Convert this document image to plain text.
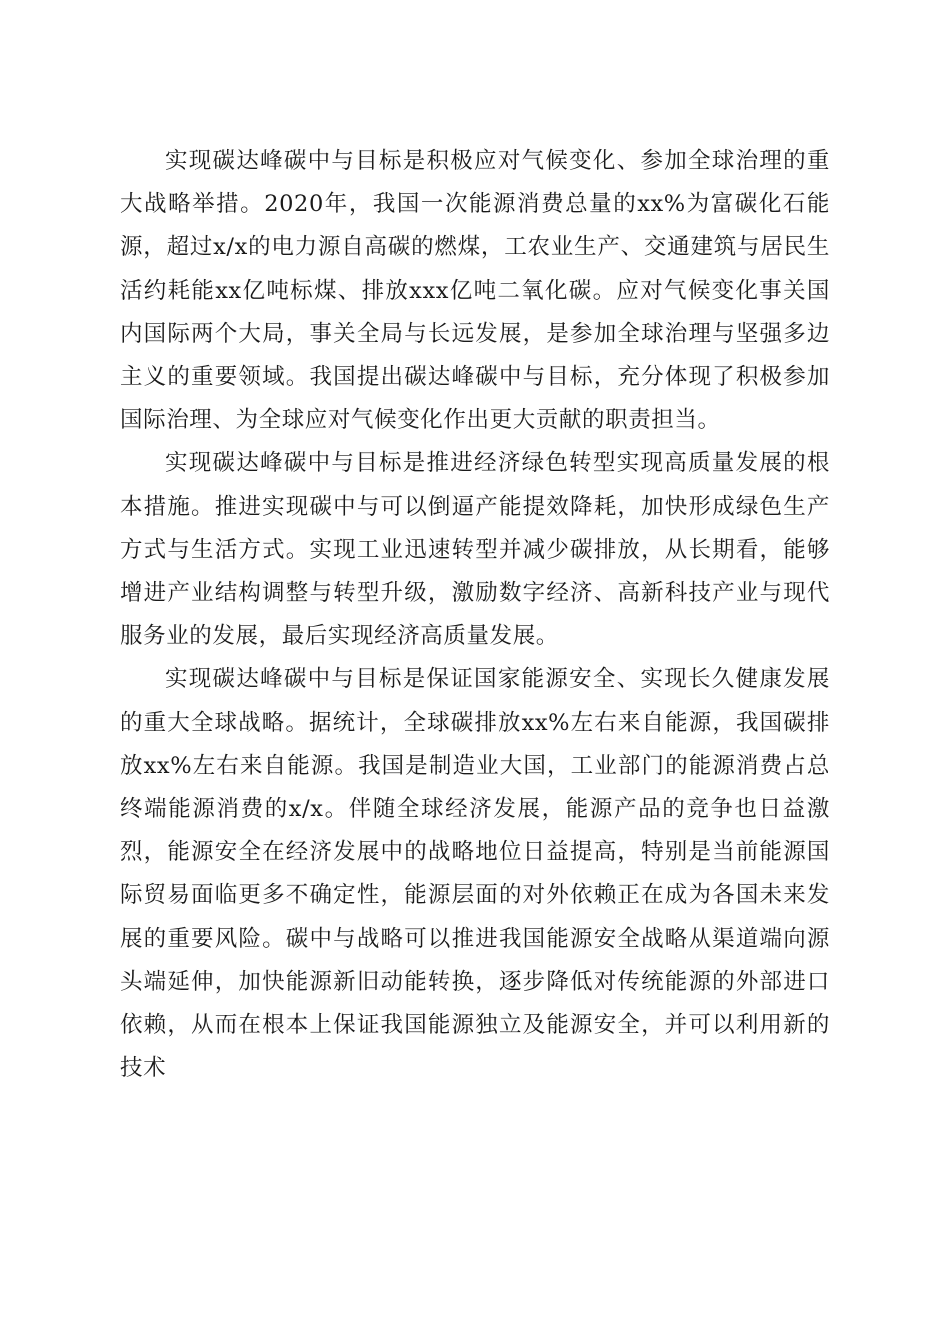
实现碳达峰碳中与目标是积极应对气候变化、参加全球治理的重大战略举措。2020年，我国一次能源消费总量的xx%为富碳化石能源，超过x/x的电力源自高碳的燃煤，工农业生产、交通建筑与居民生活约耗能xx亿吨标煤、排放xxx亿吨二氧化碳。应对气候变化事关国内国际两个大局，事关全局与长远发展，是参加全球治理与坚强多边主义的重要领域。我国提出碳达峰碳中与目标，充分体现了积极参加国际治理、为全球应对气候变化作出更大贡献的职责担当。

实现碳达峰碳中与目标是推进经济绿色转型实现高质量发展的根本措施。推进实现碳中与可以倒逼产能提效降耗，加快形成绿色生产方式与生活方式。实现工业迅速转型并减少碳排放，从长期看，能够增进产业结构调整与转型升级，激励数字经济、高新科技产业与现代服务业的发展，最后实现经济高质量发展。

实现碳达峰碳中与目标是保证国家能源安全、实现长久健康发展的重大全球战略。据统计，全球碳排放xx%左右来自能源，我国碳排放xx%左右来自能源。我国是制造业大国，工业部门的能源消费占总终端能源消费的x/x。伴随全球经济发展，能源产品的竞争也日益激烈，能源安全在经济发展中的战略地位日益提高，特别是当前能源国际贸易面临更多不确定性，能源层面的对外依赖正在成为各国未来发展的重要风险。碳中与战略可以推进我国能源安全战略从渠道端向源头端延伸，加快能源新旧动能转换，逐步降低对传统能源的外部进口依赖，从而在根本上保证我国能源独立及能源安全，并可以利用新的技术
